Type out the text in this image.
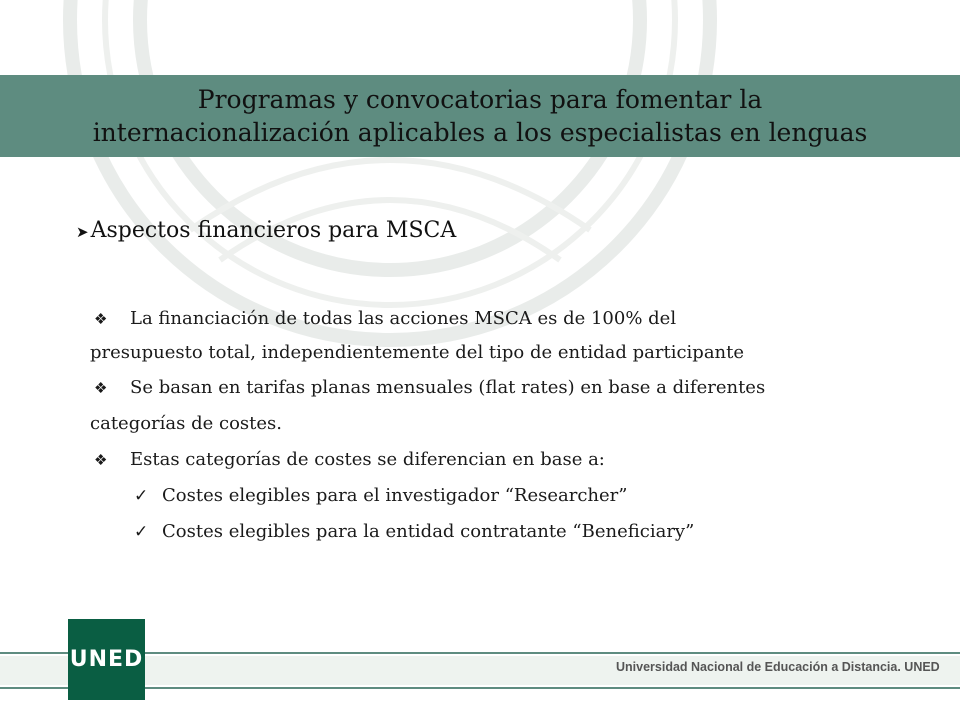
Programas y convocatorias para fomentar la
internacionalización aplicables a los especialistas en lenguas
➤ Aspectos financieros para MSCA
❖ La financiación de todas las acciones MSCA es de 100% del
presupuesto total, independientemente del tipo de entidad participante
❖ Se basan en tarifas planas mensuales (flat rates) en base a diferentes
categorías de costes.
❖ Estas categorías de costes se diferencian en base a:
✓ Costes elegibles para el investigador “Researcher”
✓ Costes elegibles para la entidad contratante “Beneficiary”
UNED	Universidad Nacional de Educación a Distancia. UNED
